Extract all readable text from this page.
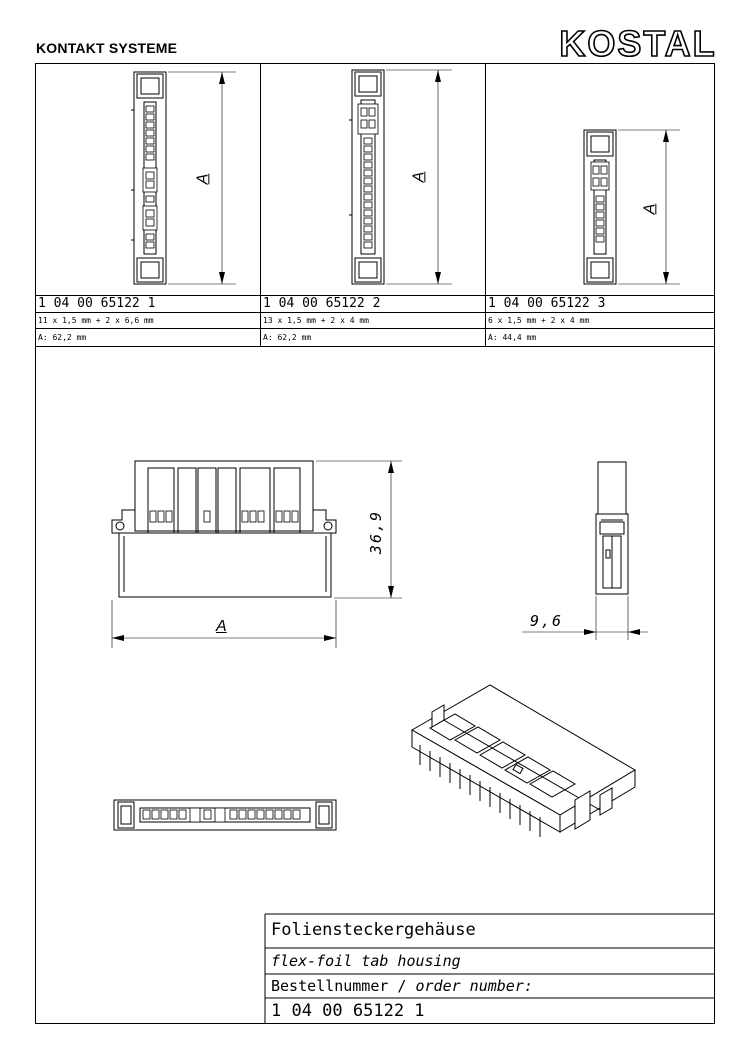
KONTAKT SYSTEME	KOSTAL
1 04 00 65122 1	1 04 00 65122 2	1 04 00 65122 3
11 x 1,5 mm + 2 x 6,6 mm	13 x 1,5 mm + 2 x 4 mm	6 x 1,5 mm + 2 x 4 mm
A: 62,2 mm	A: 62,2 mm	A: 44,4 mm
A	A
A
A
36,9
9,6
Foliensteckergehäuse
flex-foil tab housing
Bestellnummer / order number:
1 04 00 65122 1
